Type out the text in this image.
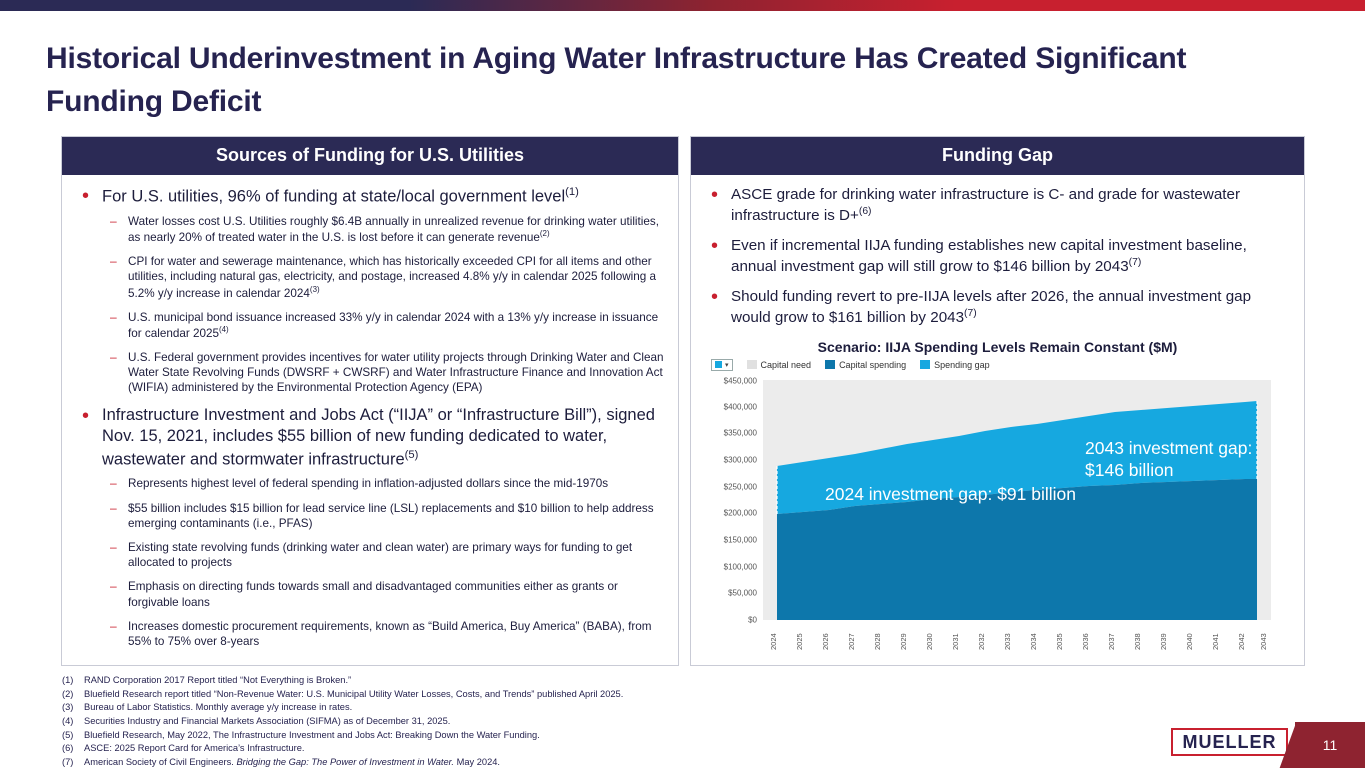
Historical Underinvestment in Aging Water Infrastructure Has Created Significant Funding Deficit
Sources of Funding for U.S. Utilities
• For U.S. utilities, 96% of funding at state/local government level$^{(1)}$
– Water losses cost U.S. Utilities roughly $6.4B annually in unrealized revenue for drinking water utilities, as nearly 20% of treated water in the U.S. is lost before it can generate revenue$^{(2)}$
– CPI for water and sewerage maintenance, which has historically exceeded CPI for all items and other utilities, including natural gas, electricity, and postage, increased 4.8% y/y in calendar 2025 following a 5.2% y/y increase in calendar 2024$^{(3)}$
– U.S. municipal bond issuance increased 33% y/y in calendar 2024 with a 13% y/y increase in issuance for calendar 2025$^{(4)}$
– U.S. Federal government provides incentives for water utility projects through Drinking Water and Clean Water State Revolving Funds (DWSRF + CWSRF) and Water Infrastructure Finance and Innovation Act (WIFIA) administered by the Environmental Protection Agency (EPA)
• Infrastructure Investment and Jobs Act (“IIJA” or “Infrastructure Bill”), signed Nov. 15, 2021, includes $55 billion of new funding dedicated to water, wastewater and stormwater infrastructure$^{(5)}$
– Represents highest level of federal spending in inflation-adjusted dollars since the mid-1970s
– $55 billion includes $15 billion for lead service line (LSL) replacements and $10 billion to help address emerging contaminants (i.e., PFAS)
– Existing state revolving funds (drinking water and clean water) are primary ways for funding to get allocated to projects
– Emphasis on directing funds towards small and disadvantaged communities either as grants or forgivable loans
– Increases domestic procurement requirements, known as “Build America, Buy America” (BABA), from 55% to 75% over 8-years
Funding Gap
• ASCE grade for drinking water infrastructure is C- and grade for wastewater infrastructure is D+$^{(6)}$
• Even if incremental IIJA funding establishes new capital investment baseline, annual investment gap will still grow to $146 billion by 2043$^{(7)}$
• Should funding revert to pre-IIJA levels after 2026, the annual investment gap would grow to $161 billion by 2043$^{(7)}$
Scenario: IIJA Spending Levels Remain Constant ($M)
▾	Capital need	Capital spending	Spending gap
$0
$50,000
$100,000
$150,000
$200,000
$250,000
$300,000
$350,000
$400,000
$450,000
2024 investment gap: $91 billion
2043 investment gap: $146 billion
2024 2025 2026 2027 2028 2029 2030 2031 2032 2033 2034 2035 2036 2037 2038 2039 2040 2041 2042 2043
(1) RAND Corporation 2017 Report titled “Not Everything is Broken.”
(2) Bluefield Research report titled “Non-Revenue Water: U.S. Municipal Utility Water Losses, Costs, and Trends” published April 2025.
(3) Bureau of Labor Statistics. Monthly average y/y increase in rates.
(4) Securities Industry and Financial Markets Association (SIFMA) as of December 31, 2025.
(5) Bluefield Research, May 2022, The Infrastructure Investment and Jobs Act: Breaking Down the Water Funding.
(6) ASCE: 2025 Report Card for America’s Infrastructure.
(7) American Society of Civil Engineers. Bridging the Gap: The Power of Investment in Water. May 2024.
MUELLER	11
